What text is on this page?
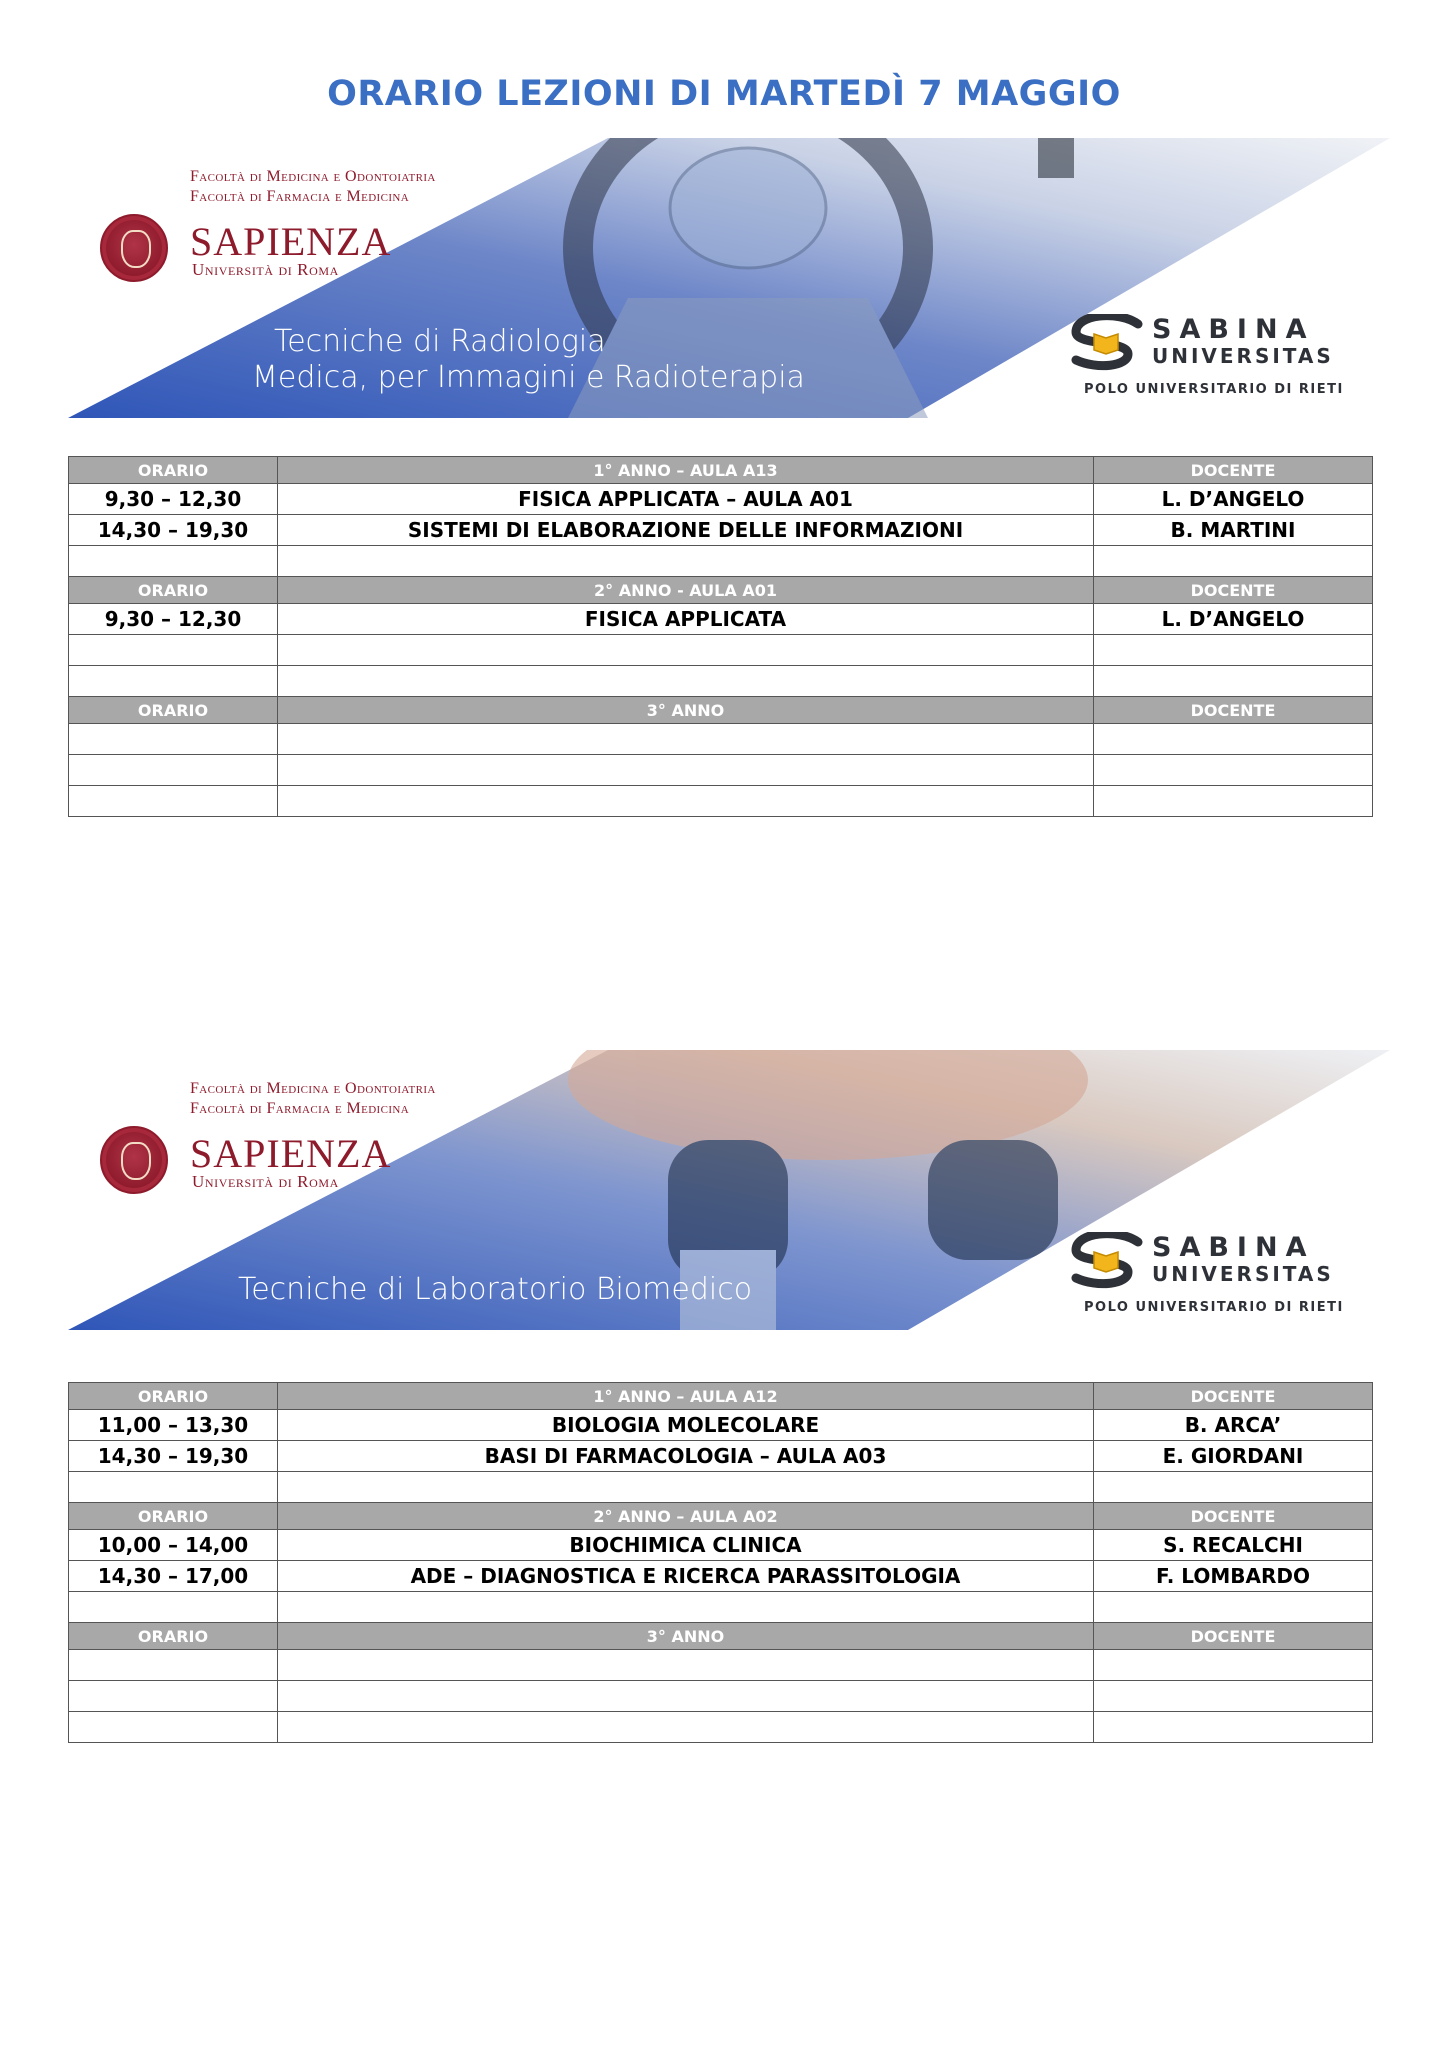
ORARIO LEZIONI DI MARTEDÌ 7 MAGGIO
Facoltà di Medicina e Odontoiatria
Facoltà di Farmacia e Medicina
SAPIENZA
Università di Roma
Tecniche di Radiologia
Medica, per Immagini e Radioterapia
SABINA
UNIVERSITAS
POLO UNIVERSITARIO DI RIETI
ORARIO	1° ANNO – AULA A13	DOCENTE
9,30 – 12,30	FISICA APPLICATA – AULA A01	L. D’ANGELO
14,30 – 19,30	SISTEMI DI ELABORAZIONE DELLE INFORMAZIONI	B. MARTINI

ORARIO	2° ANNO - AULA A01	DOCENTE
9,30 – 12,30	FISICA APPLICATA	L. D’ANGELO

ORARIO	3° ANNO	DOCENTE

Facoltà di Medicina e Odontoiatria
Facoltà di Farmacia e Medicina
SAPIENZA
Università di Roma
Tecniche di Laboratorio Biomedico
SABINA
UNIVERSITAS
POLO UNIVERSITARIO DI RIETI
ORARIO	1° ANNO – AULA A12	DOCENTE
11,00 – 13,30	BIOLOGIA MOLECOLARE	B. ARCA’
14,30 – 19,30	BASI DI FARMACOLOGIA – AULA A03	E. GIORDANI

ORARIO	2° ANNO – AULA A02	DOCENTE
10,00 – 14,00	BIOCHIMICA CLINICA	S. RECALCHI
14,30 – 17,00	ADE – DIAGNOSTICA E RICERCA PARASSITOLOGIA	F. LOMBARDO

ORARIO	3° ANNO	DOCENTE
